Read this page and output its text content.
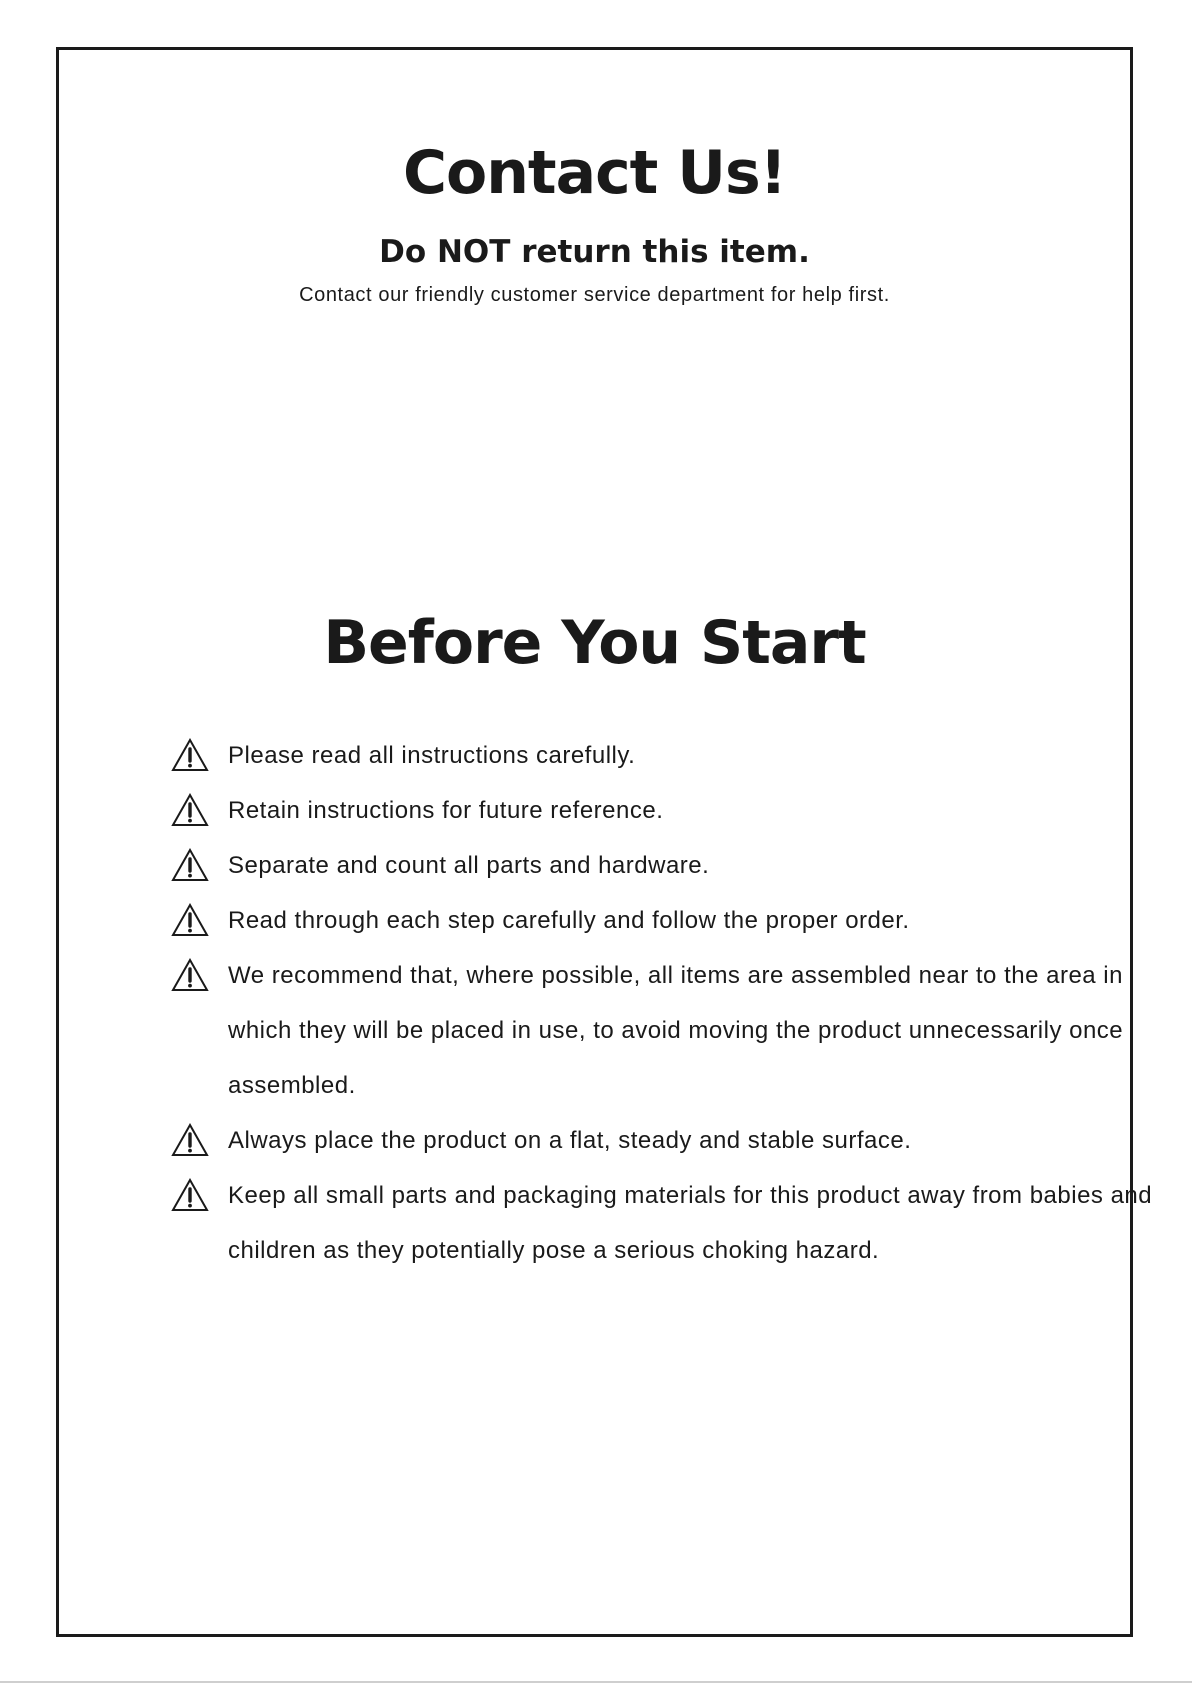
Contact Us!
Do NOT return this item.

Contact our friendly customer service department for help first.

Before You Start
Please read all instructions carefully.
Retain instructions for future reference.
Separate and count all parts and hardware.
Read through each step carefully and follow the proper order.
We recommend that, where possible, all items are assembled near to the area in which they will be placed in use, to avoid moving the product unnecessarily once assembled.
Always place the product on a flat, steady and stable surface.
Keep all small parts and packaging materials for this product away from babies and children as they potentially pose a serious choking hazard.
